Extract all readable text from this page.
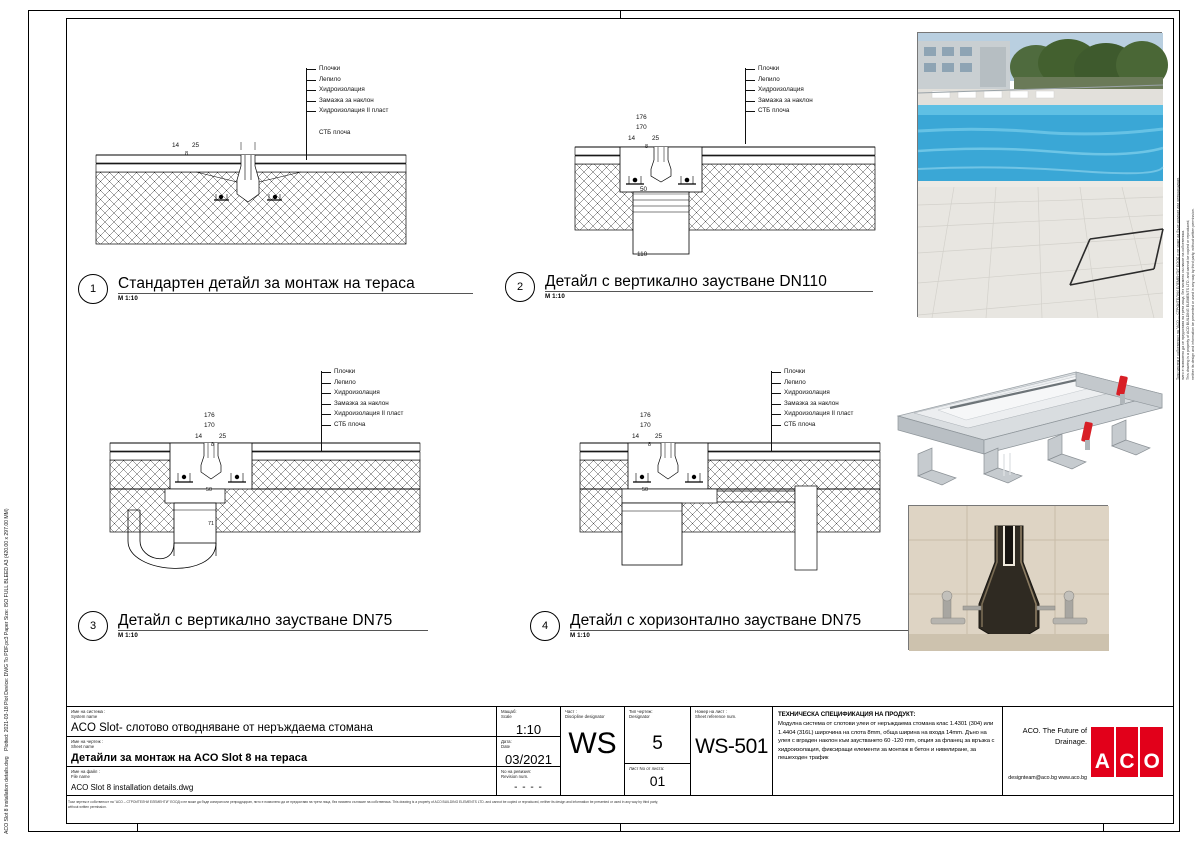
ACO Slot 8 installation details.dwg    Plotted: 2021-03-18 Plot Device: DWG To PDF.pc3 Paper Size: ISO FULL BLEED A3 (420.00 x 297.00 MM)
Този чертеж е собственост на "АСО — СТРОИТЕЛНИ ЕЛЕМЕНТИ" ЕООД и не може да бъде копиран или репродуциран, нито е позволено да се предоставя на трети лица, без писмено съгласие на собственика. This drawing is a property of ACO BUILDING ELEMENTS LTD. and cannot be copied or reproduced, neither its design and information be presented or used in any way by third party, without written permission.
14 25
8
Плочки
Лепило
Хидроизолация
Замазка за наклон
Хидроизолация II пласт
СТБ плоча
1	Стандартен детайл за монтаж на тераса
М 1:10
176
170
14	25
8
50
110
Плочки
Лепило
Хидроизолация
Замазка за наклон
СТБ плоча
2	Детайл с вертикално заустване DN110
М 1:10
176
170
14	25
8
50
71
Плочки
Лепило
Хидроизолация
Замазка за наклон
Хидроизолация II пласт
СТБ плоча
3	Детайл с вертикално заустване DN75
М 1:10
176
170
14 25
8
50
Плочки
Лепило
Хидроизолация
Замазка за наклон
Хидроизолация II пласт
СТБ плоча
4	Детайл с хоризонтално заустване DN75
М 1:10
Име на система :
System name
ACO Slot- слотово отводняване от неръждаема стомана
Име на чертеж :
Sheet name
Детайли за монтаж на ACO Slot 8 на тераса
Име на файл :
File name
ACO Slot 8 installation details.dwg
Мащаб:
Scale
1:10
Дата:
Date
03/2021
No на ревизия:
Revision num.
- - - -
Част :
Discipline designator
WS
Тип чертеж:
Designator
5
Лист No от листа:
01
Номер на лист :
Sheet reference num.
WS-501
ТЕХНИЧЕСКА СПЕЦИФИКАЦИЯ НА ПРОДУКТ:
Модулна система от слотови улеи от неръждаема стомана клас 1.4301 (304) или 1.4404 (316L) широчина на слота 8mm, обща ширина на входа 14mm. Дъно на улея с вграден наклон към заустването 60 -120 mm, опция за фланец за връзка с хидроизолация, фиксиращи елементи за монтаж в бетон и нивелиране, за пешеходен трафик
ACO. The Future of
Drainage.
designteam@aco.bg www.aco.bg
A C O
Този чертеж е собственост на "АСО – СТРОИТЕЛНИ ЕЛЕМЕНТИ" ЕООД и не може да бъде копиран или репродуциран, нито е позволено да се предоставя на трети лица, без писмено съгласие на собственика. This drawing is a property of ACO BUILDING ELEMENTS LTD. and cannot be copied or reproduced, neither its design and information be presented or used in any way by third party, without written permission.
